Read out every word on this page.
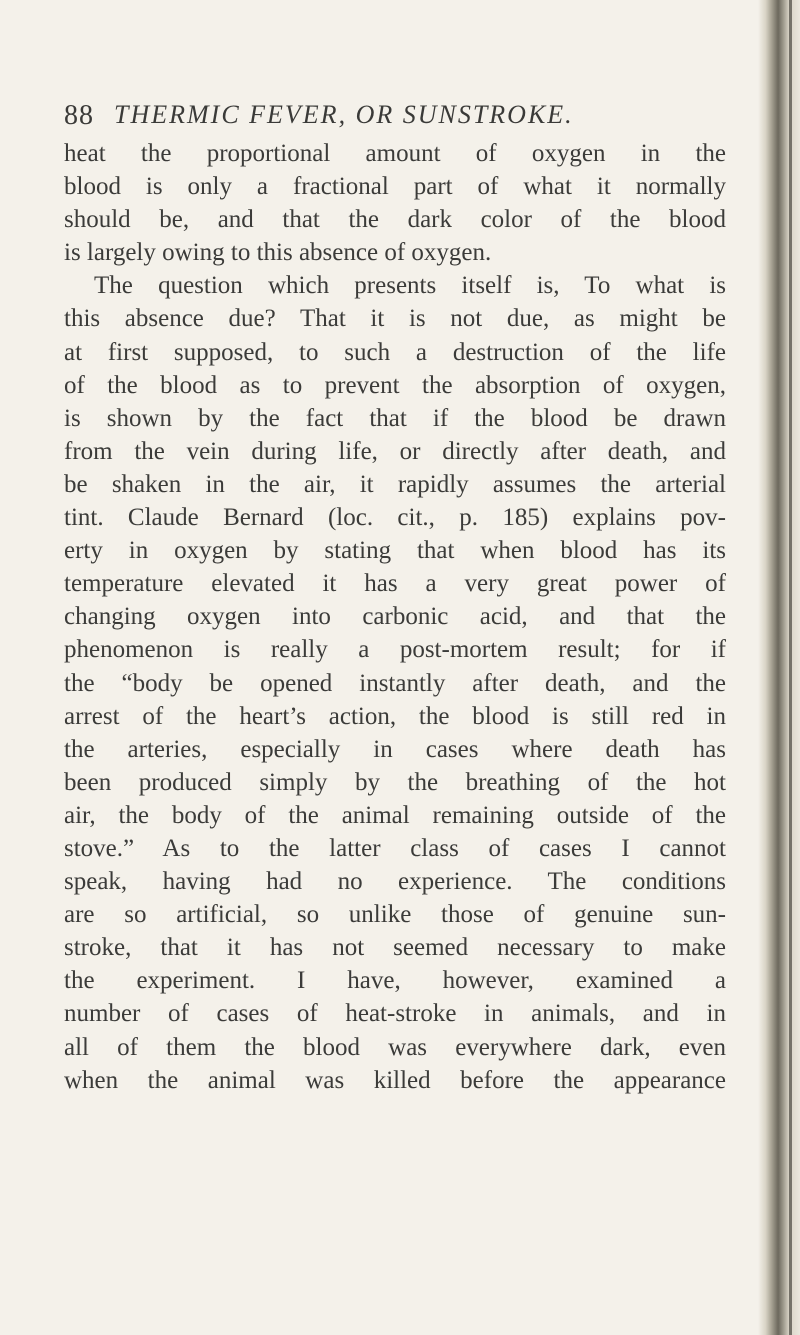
88 THERMIC FEVER, OR SUNSTROKE.
heat the proportional amount of oxygen in the
blood is only a fractional part of what it normally
should be, and that the dark color of the blood
is largely owing to this absence of oxygen.
The question which presents itself is, To what is
this absence due? That it is not due, as might be
at first supposed, to such a destruction of the life
of the blood as to prevent the absorption of oxygen,
is shown by the fact that if the blood be drawn
from the vein during life, or directly after death, and
be shaken in the air, it rapidly assumes the arterial
tint. Claude Bernard (loc. cit., p. 185) explains pov-
erty in oxygen by stating that when blood has its
temperature elevated it has a very great power of
changing oxygen into carbonic acid, and that the
phenomenon is really a post-mortem result; for if
the “body be opened instantly after death, and the
arrest of the heart’s action, the blood is still red in
the arteries, especially in cases where death has
been produced simply by the breathing of the hot
air, the body of the animal remaining outside of the
stove.” As to the latter class of cases I cannot
speak, having had no experience. The conditions
are so artificial, so unlike those of genuine sun-
stroke, that it has not seemed necessary to make
the experiment. I have, however, examined a
number of cases of heat-stroke in animals, and in
all of them the blood was everywhere dark, even
when the animal was killed before the appearance
